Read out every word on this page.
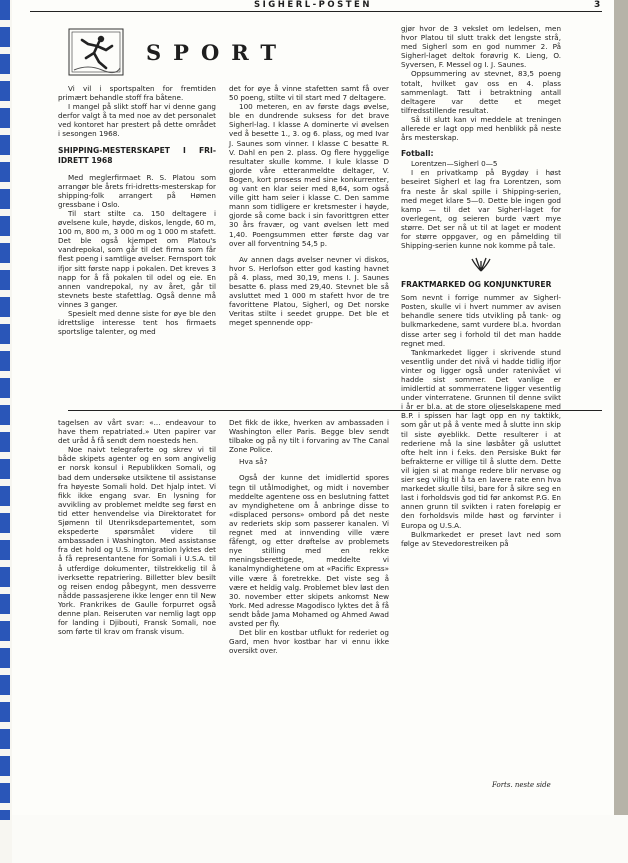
SIGHERL-POSTEN	3
SPORT

Vi vil i sportspalten for fremtiden primært behandle stoff fra båtene.

I mangel på slikt stoff har vi denne gang derfor valgt å ta med noe av det personalet ved kontoret har prestert på dette området i sesongen 1968.

SHIPPING-MESTERSKAPET I FRI-IDRETT 1968

Med meglerfirmaet R. S. Platou som arrangør ble årets fri-idretts-mesterskap for shipping-folk arrangert på Hømen gressbane i Oslo.

Til start stilte ca. 150 deltagere i øvelsene kule, høyde, diskos, lengde, 60 m, 100 m, 800 m, 3 000 m og 1 000 m stafett. Det ble også kjempet om Platou's vandrepokal, som går til det firma som får flest poeng i samtlige øvelser. Fernsport tok ifjor sitt første napp i pokalen. Det kreves 3 napp for å få pokalen til odel og eie. En annen vandrepokal, ny av året, går til stevnets beste stafettlag. Også denne må vinnes 3 ganger.

Spesielt med denne siste for øye ble den idrettslige interesse tent hos firmaets sportslige talenter, og med

det for øye å vinne stafetten samt få over 50 poeng, stilte vi til start med 7 deltagere.

100 meteren, en av første dags øvelse, ble en dundrende suksess for det brave Sigherl-lag. I klasse A dominerte vi øvelsen ved å besette 1., 3. og 6. plass, og med Ivar J. Saunes som vinner. I klasse C besatte R. V. Dahl en pen 2. plass. Og flere hyggelige resultater skulle komme. I kule klasse D gjorde våre etteranmeldte deltager, V. Bogen, kort prosess med sine konkurrenter, og vant en klar seier med 8,64, som også ville gitt ham seier i klasse C. Den samme mann som tidligere er kretsmester i høyde, gjorde så come back i sin favorittgren etter 30 års fravær, og vant øvelsen lett med 1,40. Poengsummen etter første dag var over all forventning 54,5 p.

Av annen dags øvelser nevner vi diskos, hvor S. Herlofson etter god kasting havnet på 4. plass, med 30,19, mens I. J. Saunes besatte 6. plass med 29,40. Stevnet ble så avsluttet med 1 000 m stafett hvor de tre favorittene Platou, Sigherl, og Det norske Veritas stilte i seedet gruppe. Det ble et meget spennende opp-

gjør hvor de 3 vekslet om ledelsen, men hvor Platou til slutt trakk det lengste strå, med Sigherl som en god nummer 2. På Sigherl-laget deltok forøvrig K. Lieng, O. Syversen, F. Messel og I. J. Saunes.

Oppsummering av stevnet, 83,5 poeng totalt, hvilket gav oss en 4. plass sammenlagt. Tatt i betraktning antall deltagere var dette et meget tilfredsstillende resultat.

Så til slutt kan vi meddele at treningen allerede er lagt opp med henblikk på neste års mesterskap.

Fotball:

Lorentzen—Sigherl 0—5

I en privatkamp på Bygdøy i høst beseiret Sigherl et lag fra Lorentzen, som fra neste år skal spille i Shipping-serien, med meget klare 5—0. Dette ble ingen god kamp — til det var Sigherl-laget for overlegent, og seieren burde vært mye større. Det ser nå ut til at laget er modent for større oppgaver, og en påmelding til Shipping-serien kunne nok komme på tale.

FRAKTMARKED OG KONJUNKTURER

Som nevnt i forrige nummer av Sigherl-Posten, skulle vi i hvert nummer av avisen behandle senere tids utvikling på tank- og bulkmarkedene, samt vurdere bl.a. hvordan disse arter seg i forhold til det man hadde regnet med.

Tankmarkedet ligger i skrivende stund vesentlig under det nivå vi hadde tidlig ifjor vinter og ligger også under ratenivået vi hadde sist sommer. Det vanlige er imidlertid at sommerratene ligger vesentlig under vinterratene. Grunnen til denne svikt i år er bl.a. at de store oljeselskapene med B.P. i spissen har lagt opp en ny taktikk, som går ut på å vente med å slutte inn skip til siste øyeblikk. Dette resulterer i at rederiene må la sine løsbåter gå usluttet ofte helt inn i f.eks. den Persiske Bukt før befrakterne er villige til å slutte dem. Dette vil igjen si at mange redere blir nervøse og sier seg villig til å ta en lavere rate enn hva markedet skulle tilsi, bare for å sikre seg en last i forholdsvis god tid før ankomst P.G. En annen grunn til svikten i raten foreløpig er den forholdsvis milde høst og førvinter i Europa og U.S.A.

Bulkmarkedet er preset lavt ned som følge av Stevedorestreiken på

tagelsen av vårt svar: «... endeavour to have them repatriated.» Uten papirer var det uråd å få sendt dem noesteds hen.

Noe naivt telegraferte og skrev vi til både skipets agenter og en som angivelig er norsk konsul i Republikken Somali, og bad dem undersøke utsiktene til assistanse fra høyeste Somali hold. Det hjalp intet. Vi fikk ikke engang svar. En lysning for avvikling av problemet meldte seg først en tid etter henvendelse via Direktoratet for Sjømenn til Utenriksdepartementet, som ekspederte spørsmålet videre til ambassaden i Washington. Med assistanse fra det hold og U.S. Immigration lyktes det å få representantene for Somali i U.S.A. til å utferdige dokumenter, tilstrekkelig til å iverksette repatriering. Billetter blev besilt og reisen endog påbegynt, men dessverre nådde passasjerene ikke lenger enn til New York. Frankrikes de Gaulle forpurret også denne plan. Reiseruten var nemlig lagt opp for landing i Djibouti, Fransk Somali, noe som førte til krav om fransk visum.

Det fikk de ikke, hverken av ambassaden i Washington eller Paris. Begge blev sendt tilbake og på ny tilt i forvaring av The Canal Zone Police.

Hva så?

Også der kunne det imidlertid spores tegn til utålmodighet, og midt i november meddelte agentene oss en beslutning fattet av myndighetene om å anbringe disse to «displaced persons» ombord på det neste av rederiets skip som passerer kanalen. Vi regnet med at innvending ville være fåfengt, og etter drøftelse av problemets nye stilling med en rekke meningsberettigede, meddelte vi kanalmyndighetene om at «Pacific Express» ville være å foretrekke. Det viste seg å være et heldig valg. Problemet blev løst den 30. november etter skipets ankomst New York. Med adresse Magodisco lyktes det å få sendt både Jama Mohamed og Ahmed Awad avsted per fly.

Det blir en kostbar utflukt for rederiet og Gard, men hvor kostbar har vi ennu ikke oversikt over.

Forts. neste side
